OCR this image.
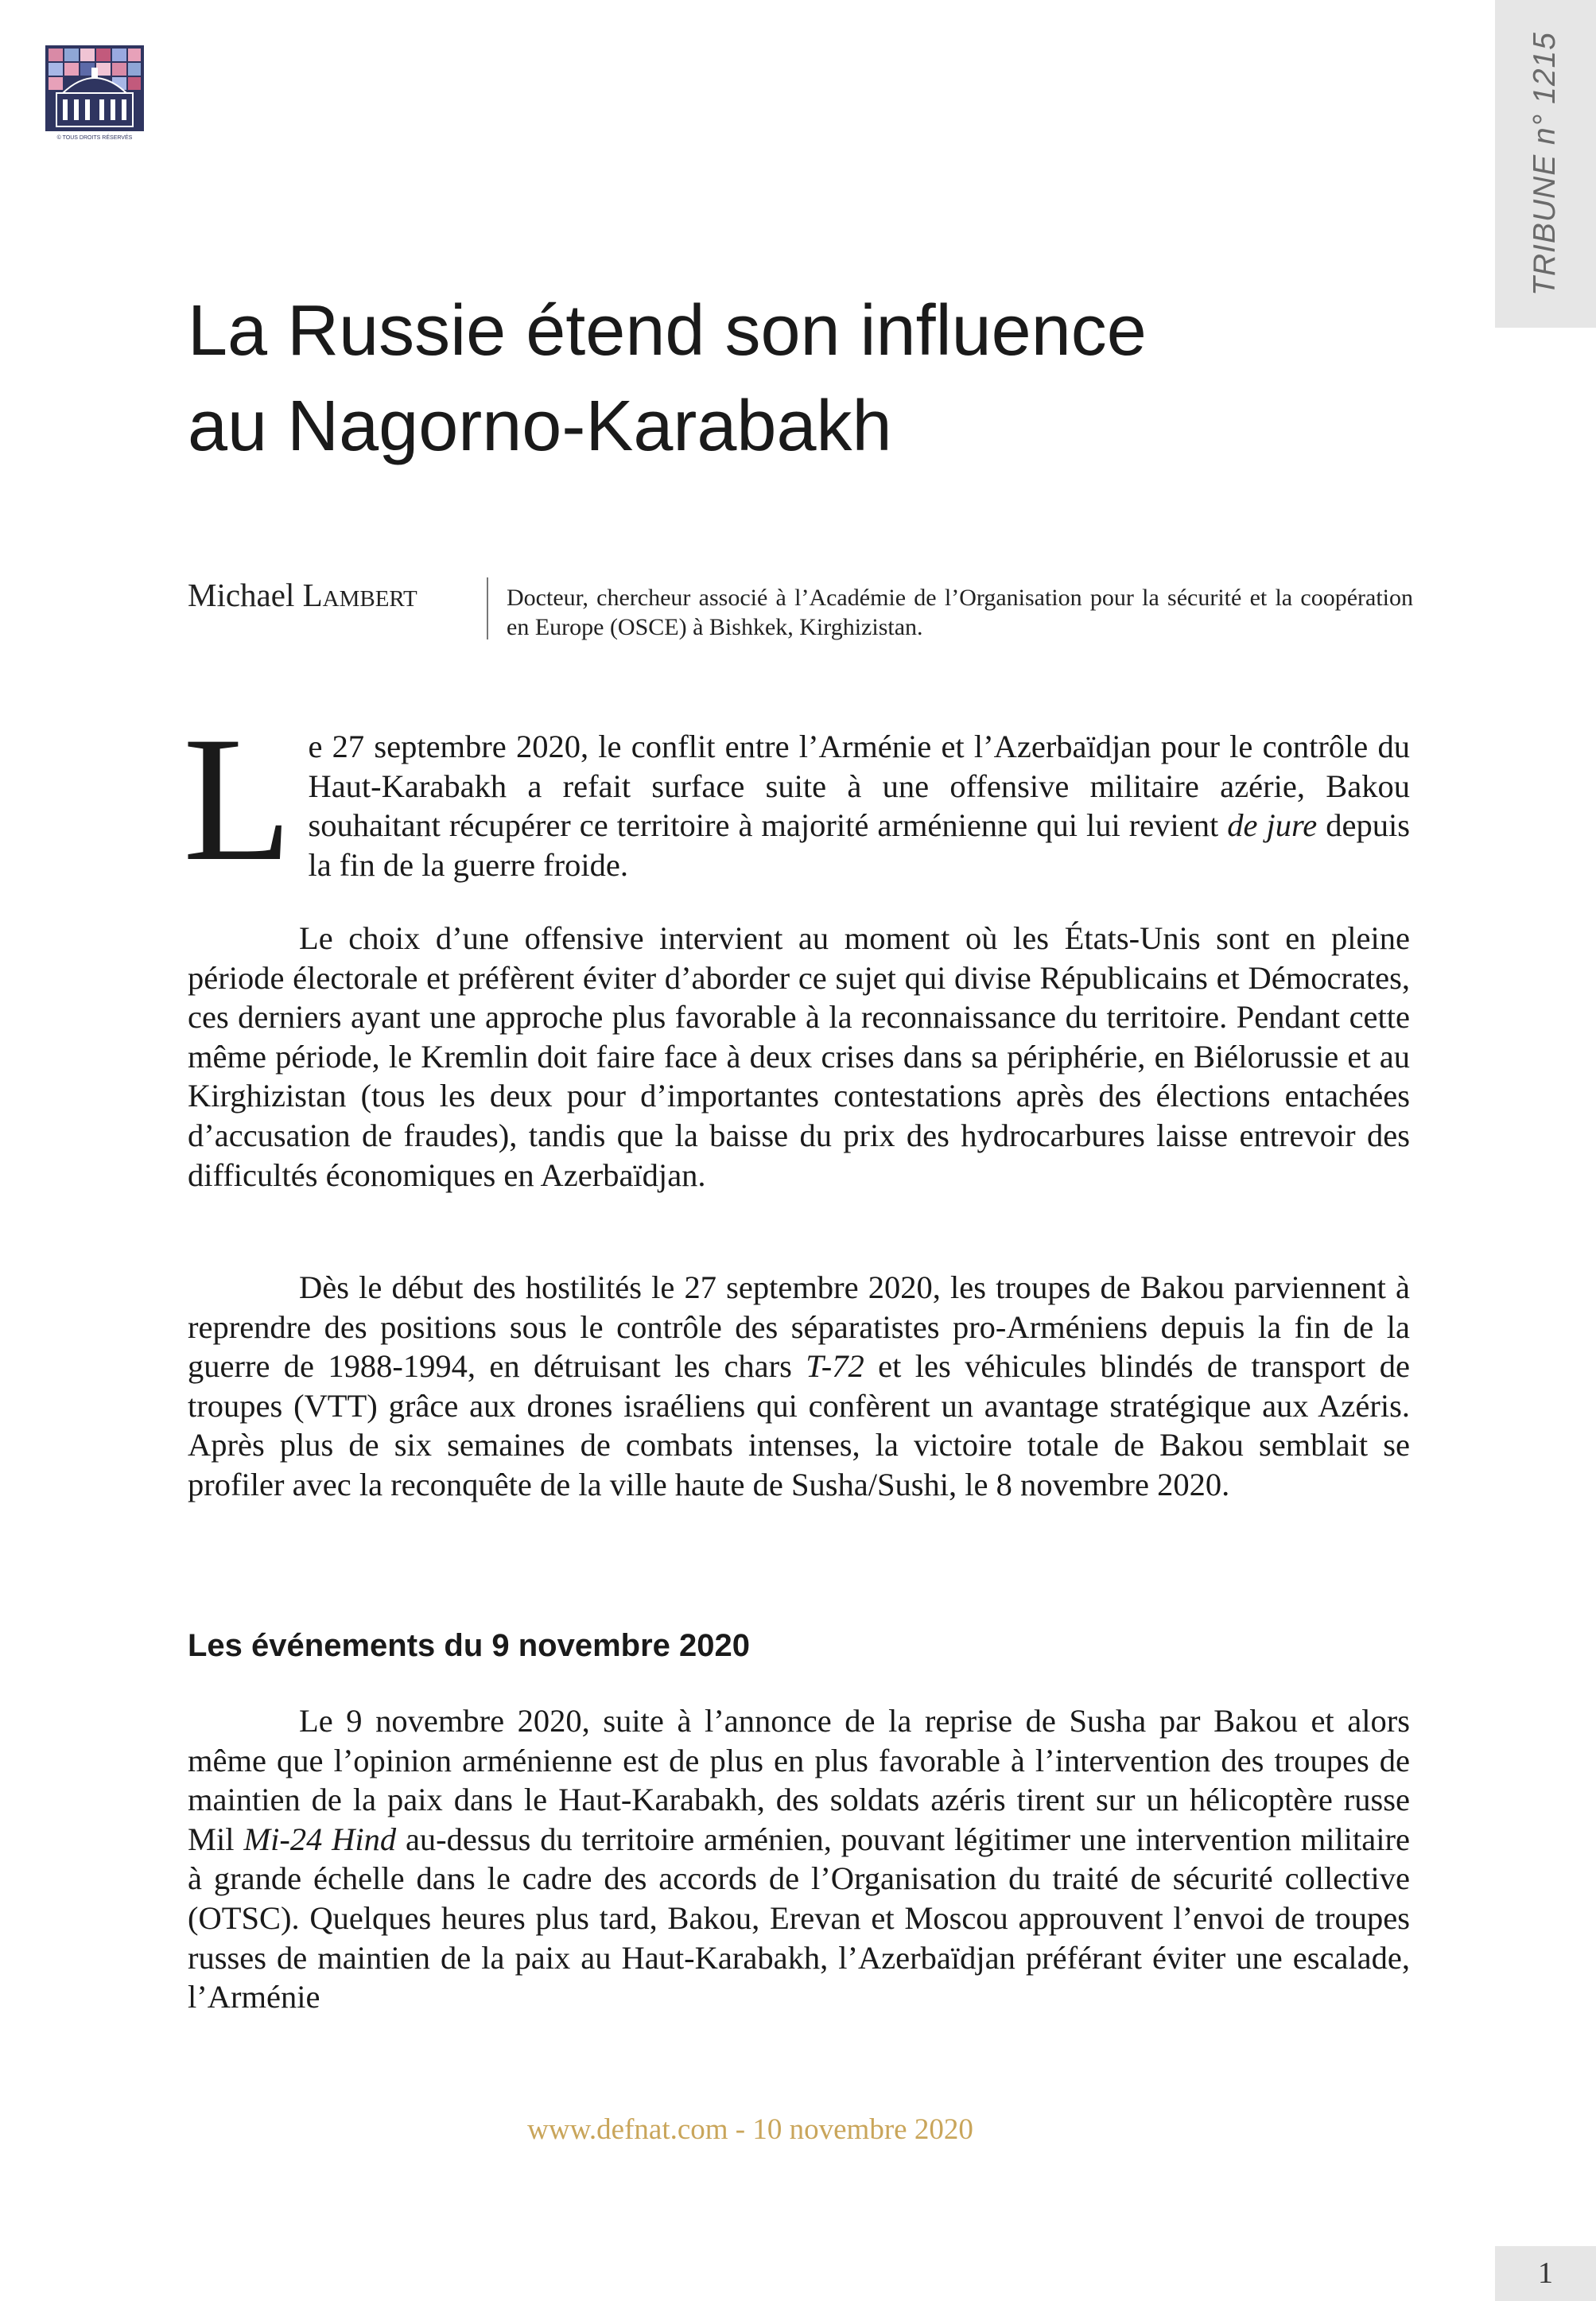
© TOUS DROITS RÉSERVÉS	TRIBUNE n° 1215
La Russie étend son influence
au Nagorno-Karabakh
Michael Lambert	Docteur, chercheur associé à l’Académie de l’Organisation pour la sécurité et la coopération en Europe (OSCE) à Bishkek, Kirghizistan.

Le 27 septembre 2020, le conflit entre l’Arménie et l’Azerbaïdjan pour le contrôle du Haut-Karabakh a refait surface suite à une offensive militaire azérie, Bakou souhaitant récupérer ce territoire à majorité arménienne qui lui revient de jure depuis la fin de la guerre froide.

Le choix d’une offensive intervient au moment où les États-Unis sont en pleine période électorale et préfèrent éviter d’aborder ce sujet qui divise Républicains et Démocrates, ces derniers ayant une approche plus favorable à la reconnaissance du territoire. Pendant cette même période, le Kremlin doit faire face à deux crises dans sa périphérie, en Biélorussie et au Kirghizistan (tous les deux pour d’importantes contestations après des élections entachées d’accusation de fraudes), tandis que la baisse du prix des hydrocarbures laisse entrevoir des difficultés économiques en Azerbaïdjan.

Dès le début des hostilités le 27 septembre 2020, les troupes de Bakou parviennent à reprendre des positions sous le contrôle des séparatistes pro-Arméniens depuis la fin de la guerre de 1988-1994, en détruisant les chars T-72 et les véhicules blindés de transport de troupes (VTT) grâce aux drones israéliens qui confèrent un avantage stratégique aux Azéris. Après plus de six semaines de combats intenses, la victoire totale de Bakou semblait se profiler avec la reconquête de la ville haute de Susha/Sushi, le 8 novembre 2020.

Les événements du 9 novembre 2020

Le 9 novembre 2020, suite à l’annonce de la reprise de Susha par Bakou et alors même que l’opinion arménienne est de plus en plus favorable à l’intervention des troupes de maintien de la paix dans le Haut-Karabakh, des soldats azéris tirent sur un hélicoptère russe Mil Mi-24 Hind au-dessus du territoire arménien, pouvant légitimer une intervention militaire à grande échelle dans le cadre des accords de l’Organisation du traité de sécurité collective (OTSC). Quelques heures plus tard, Bakou, Erevan et Moscou approuvent l’envoi de troupes russes de maintien de la paix au Haut-Karabakh, l’Azerbaïdjan préférant éviter une escalade, l’Arménie

www.defnat.com - 10 novembre 2020
1
